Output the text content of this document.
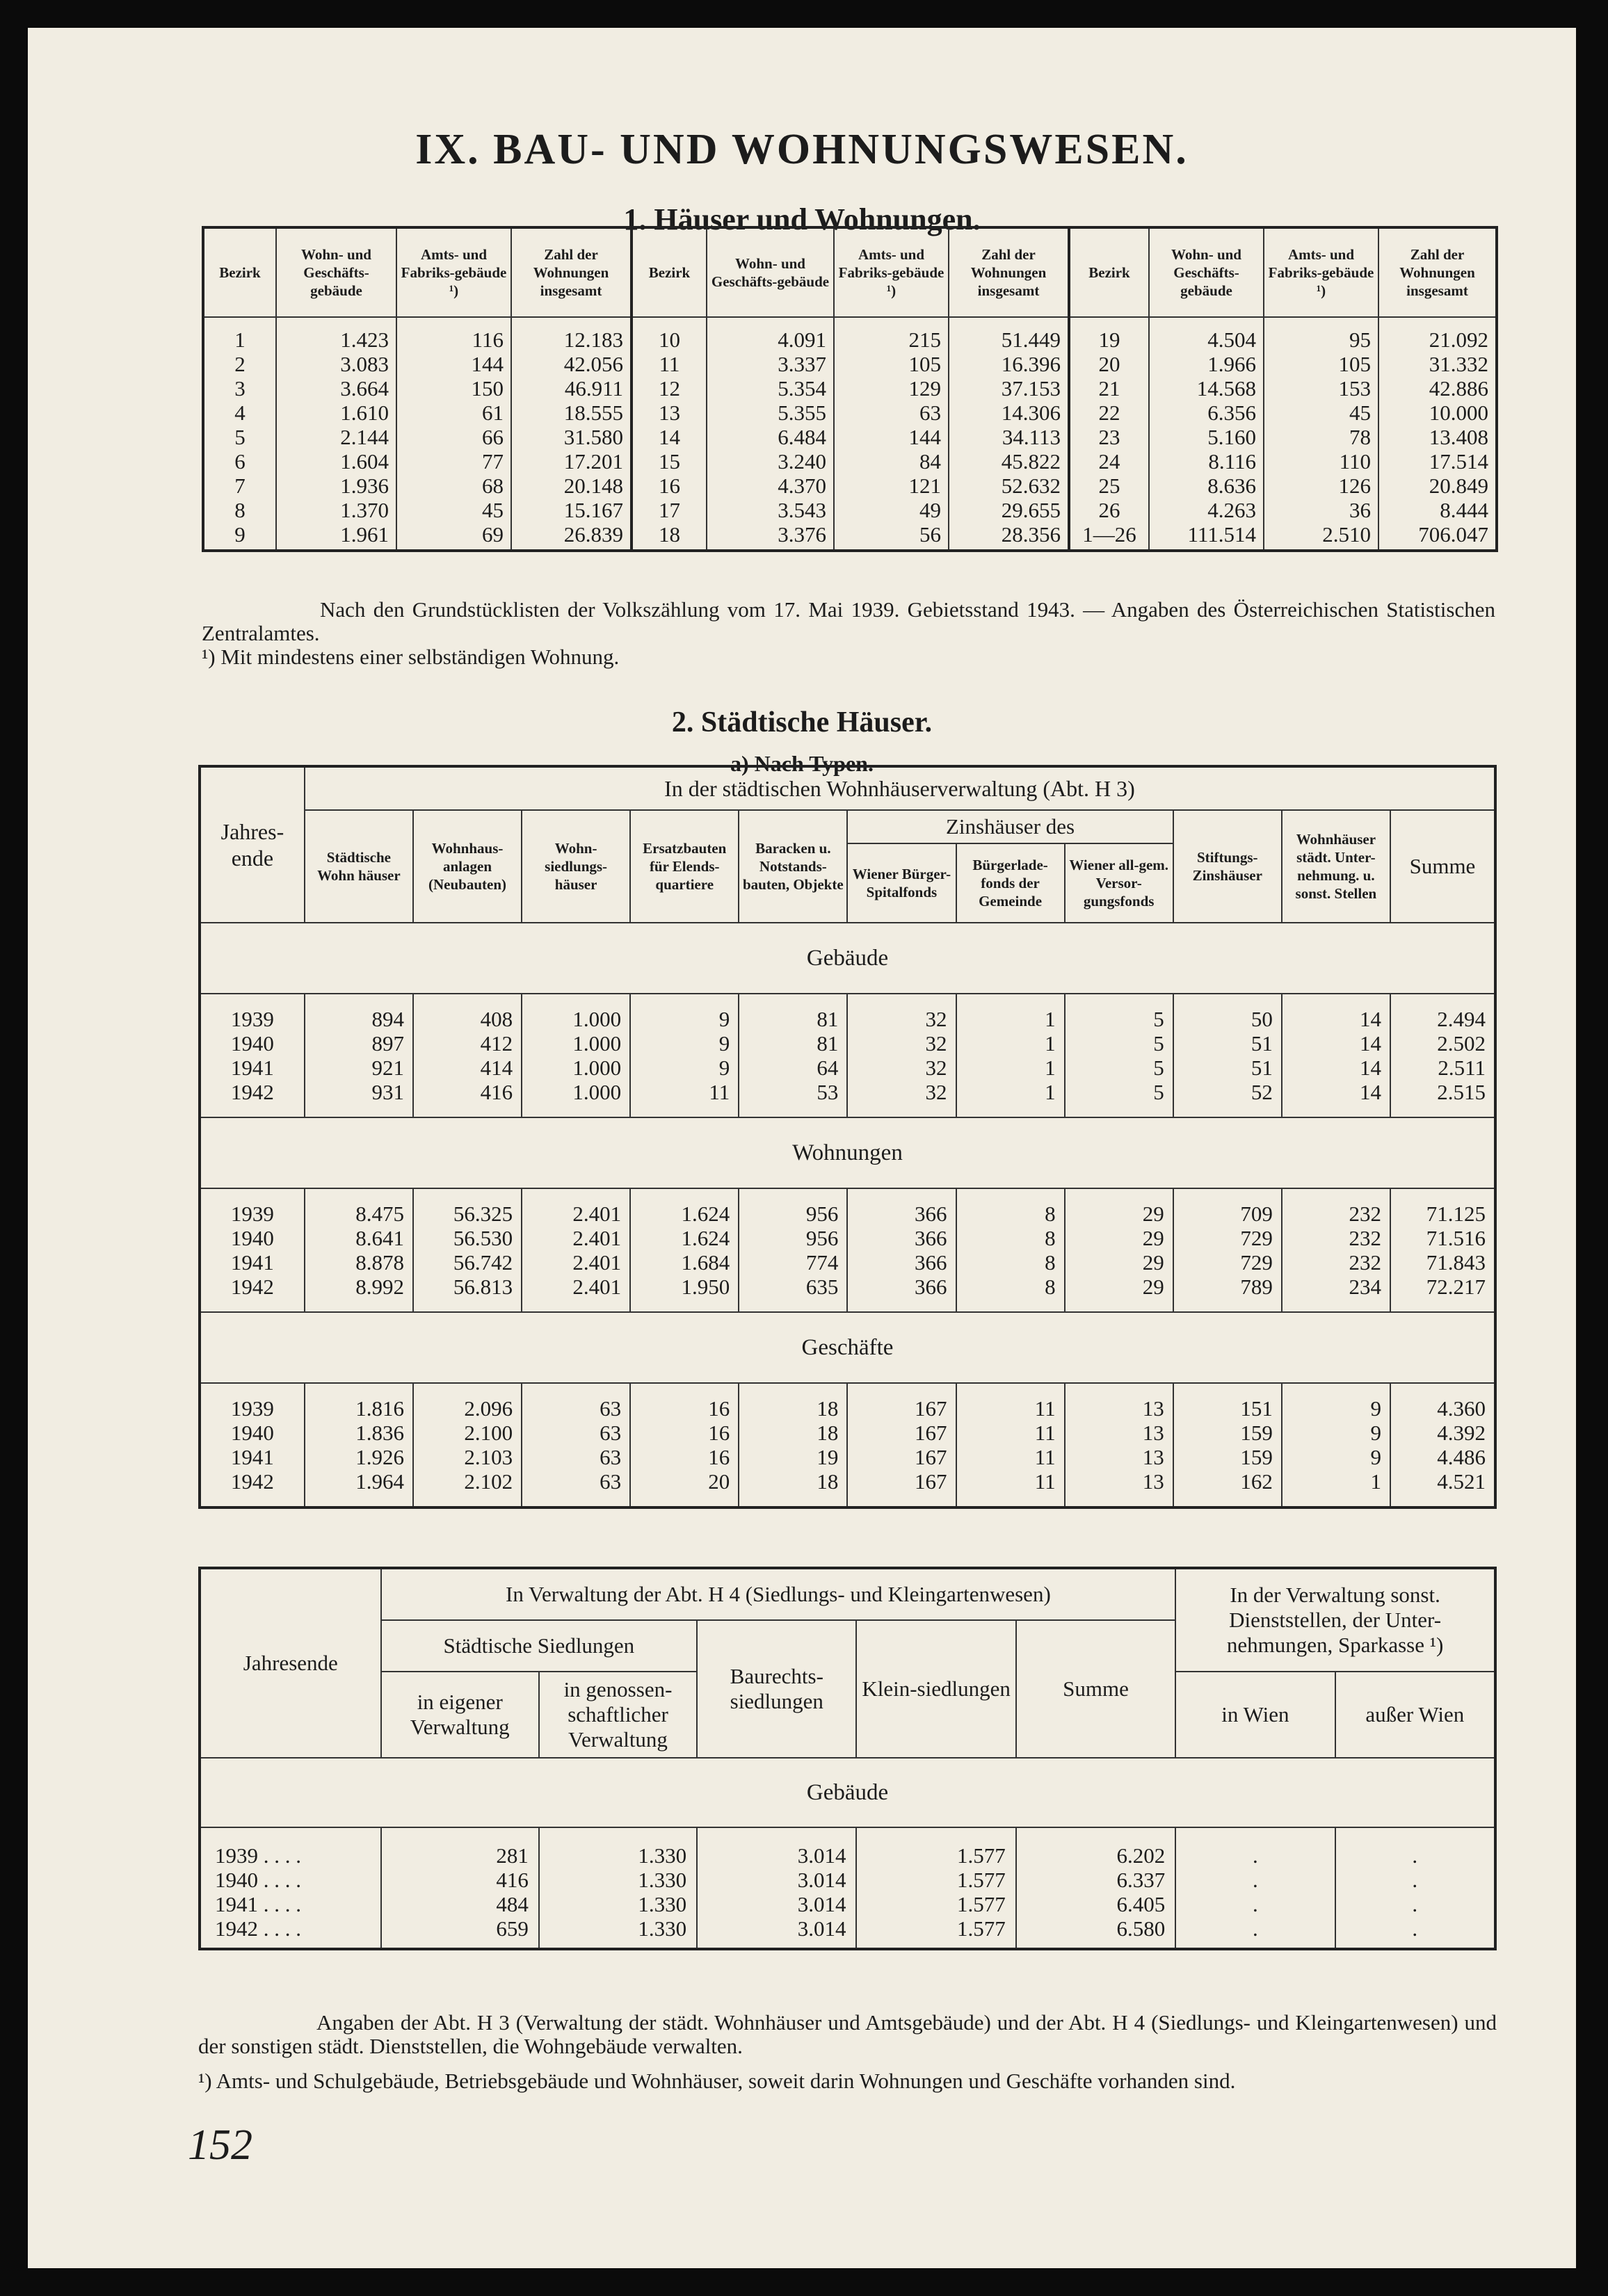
IX. BAU- UND WOHNUNGSWESEN.
1. Häuser und Wohnungen.
Bezirk	Wohn- und Geschäfts-gebäude	Amts- und Fabriks-gebäude ¹)	Zahl der Wohnungen insgesamt	Bezirk	Wohn- und Geschäfts-gebäude	Amts- und Fabriks-gebäude ¹)	Zahl der Wohnungen insgesamt	Bezirk	Wohn- und Geschäfts-gebäude	Amts- und Fabriks-gebäude ¹)	Zahl der Wohnungen insgesamt
1	1.423	116	12.183	10	4.091	215	51.449	19	4.504	95	21.092
2	3.083	144	42.056	11	3.337	105	16.396	20	1.966	105	31.332
3	3.664	150	46.911	12	5.354	129	37.153	21	14.568	153	42.886
4	1.610	61	18.555	13	5.355	63	14.306	22	6.356	45	10.000
5	2.144	66	31.580	14	6.484	144	34.113	23	5.160	78	13.408
6	1.604	77	17.201	15	3.240	84	45.822	24	8.116	110	17.514
7	1.936	68	20.148	16	4.370	121	52.632	25	8.636	126	20.849
8	1.370	45	15.167	17	3.543	49	29.655	26	4.263	36	8.444
9	1.961	69	26.839	18	3.376	56	28.356	1—26	111.514	2.510	706.047

Nach den Grundstücklisten der Volkszählung vom 17. Mai 1939. Gebietsstand 1943. — Angaben des Österreichischen Statistischen Zentralamtes.

¹) Mit mindestens einer selbständigen Wohnung.

2. Städtische Häuser.
a) Nach Typen.
Jahres-ende	In der städtischen Wohnhäuserverwaltung (Abt. H 3)										
	Städtische Wohn häuser	Wohnhaus-anlagen (Neubauten)	Wohn-siedlungs-häuser	Ersatzbauten für Elends-quartiere	Baracken u. Notstands-bauten, Objekte	Zinshäuser des			Stiftungs-Zinshäuser	Wohnhäuser städt. Unter-nehmung. u. sonst. Stellen	Summe
						Wiener Bürger-Spitalfonds	Bürgerlade-fonds der Gemeinde	Wiener all-gem. Versor-gungsfonds			
Gebäude											

1939	894	408	1.000	9	81	32	1	5	50	14	2.494
1940	897	412	1.000	9	81	32	1	5	51	14	2.502
1941	921	414	1.000	9	64	32	1	5	51	14	2.511
1942	931	416	1.000	11	53	32	1	5	52	14	2.515

Wohnungen											

1939	8.475	56.325	2.401	1.624	956	366	8	29	709	232	71.125
1940	8.641	56.530	2.401	1.624	956	366	8	29	729	232	71.516
1941	8.878	56.742	2.401	1.684	774	366	8	29	729	232	71.843
1942	8.992	56.813	2.401	1.950	635	366	8	29	789	234	72.217

Geschäfte											

1939	1.816	2.096	63	16	18	167	11	13	151	9	4.360
1940	1.836	2.100	63	16	18	167	11	13	159	9	4.392
1941	1.926	2.103	63	16	19	167	11	13	159	9	4.486
1942	1.964	2.102	63	20	18	167	11	13	162	1	4.521

Jahresende	In Verwaltung der Abt. H 4 (Siedlungs- und Kleingartenwesen)					In der Verwaltung sonst. Dienststellen, der Unter-nehmungen, Sparkasse ¹)	
	Städtische Siedlungen		Baurechts-siedlungen	Klein-siedlungen	Summe		
	in eigener Verwaltung	in genossen-schaftlicher Verwaltung				in Wien	außer Wien
Gebäude							

1939 . . . .	281	1.330	3.014	1.577	6.202	.	.
1940 . . . .	416	1.330	3.014	1.577	6.337	.	.
1941 . . . .	484	1.330	3.014	1.577	6.405	.	.
1942 . . . .	659	1.330	3.014	1.577	6.580	.	.

Angaben der Abt. H 3 (Verwaltung der städt. Wohnhäuser und Amtsgebäude) und der Abt. H 4 (Siedlungs- und Kleingartenwesen) und der sonstigen städt. Dienststellen, die Wohngebäude verwalten.

¹) Amts- und Schulgebäude, Betriebsgebäude und Wohnhäuser, soweit darin Wohnungen und Geschäfte vorhanden sind.

152
